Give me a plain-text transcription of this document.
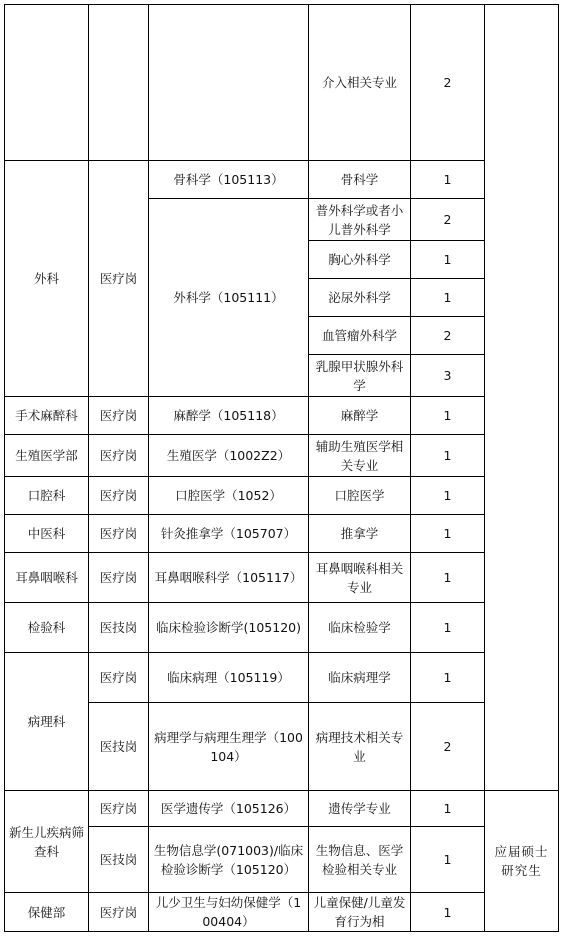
			介入相关专业	2	
外科	医疗岗	骨科学（105113）	骨科学	1	
		外科学（105111）	普外科学或者小儿普外科学	2	
			胸心外科学	1	
			泌尿外科学	1	
			血管瘤外科学	2	
			乳腺甲状腺外科学	3	
手术麻醉科	医疗岗	麻醉学（105118）	麻醉学	1	
生殖医学部	医疗岗	生殖医学（1002Z2）	辅助生殖医学相关专业	1	
口腔科	医疗岗	口腔医学（1052）	口腔医学	1	
中医科	医疗岗	针灸推拿学（105707）	推拿学	1	
耳鼻咽喉科	医疗岗	耳鼻咽喉科学（105117）	耳鼻咽喉科相关专业	1	
检验科	医技岗	临床检验诊断学(105120)	临床检验学	1	
病理科	医疗岗	临床病理（105119）	临床病理学	1	
	医技岗	病理学与病理生理学（100104）	病理技术相关专业	2	
新生儿疾病筛查科	医疗岗	医学遗传学（105126）	遗传学专业	1	应届硕士研究生
	医技岗	生物信息学(071003)/临床检验诊断学（105120）	生物信息、医学检验相关专业	1	
保健部	医疗岗	儿少卫生与妇幼保健学（100404）	儿童保健/儿童发育行为相	1	
